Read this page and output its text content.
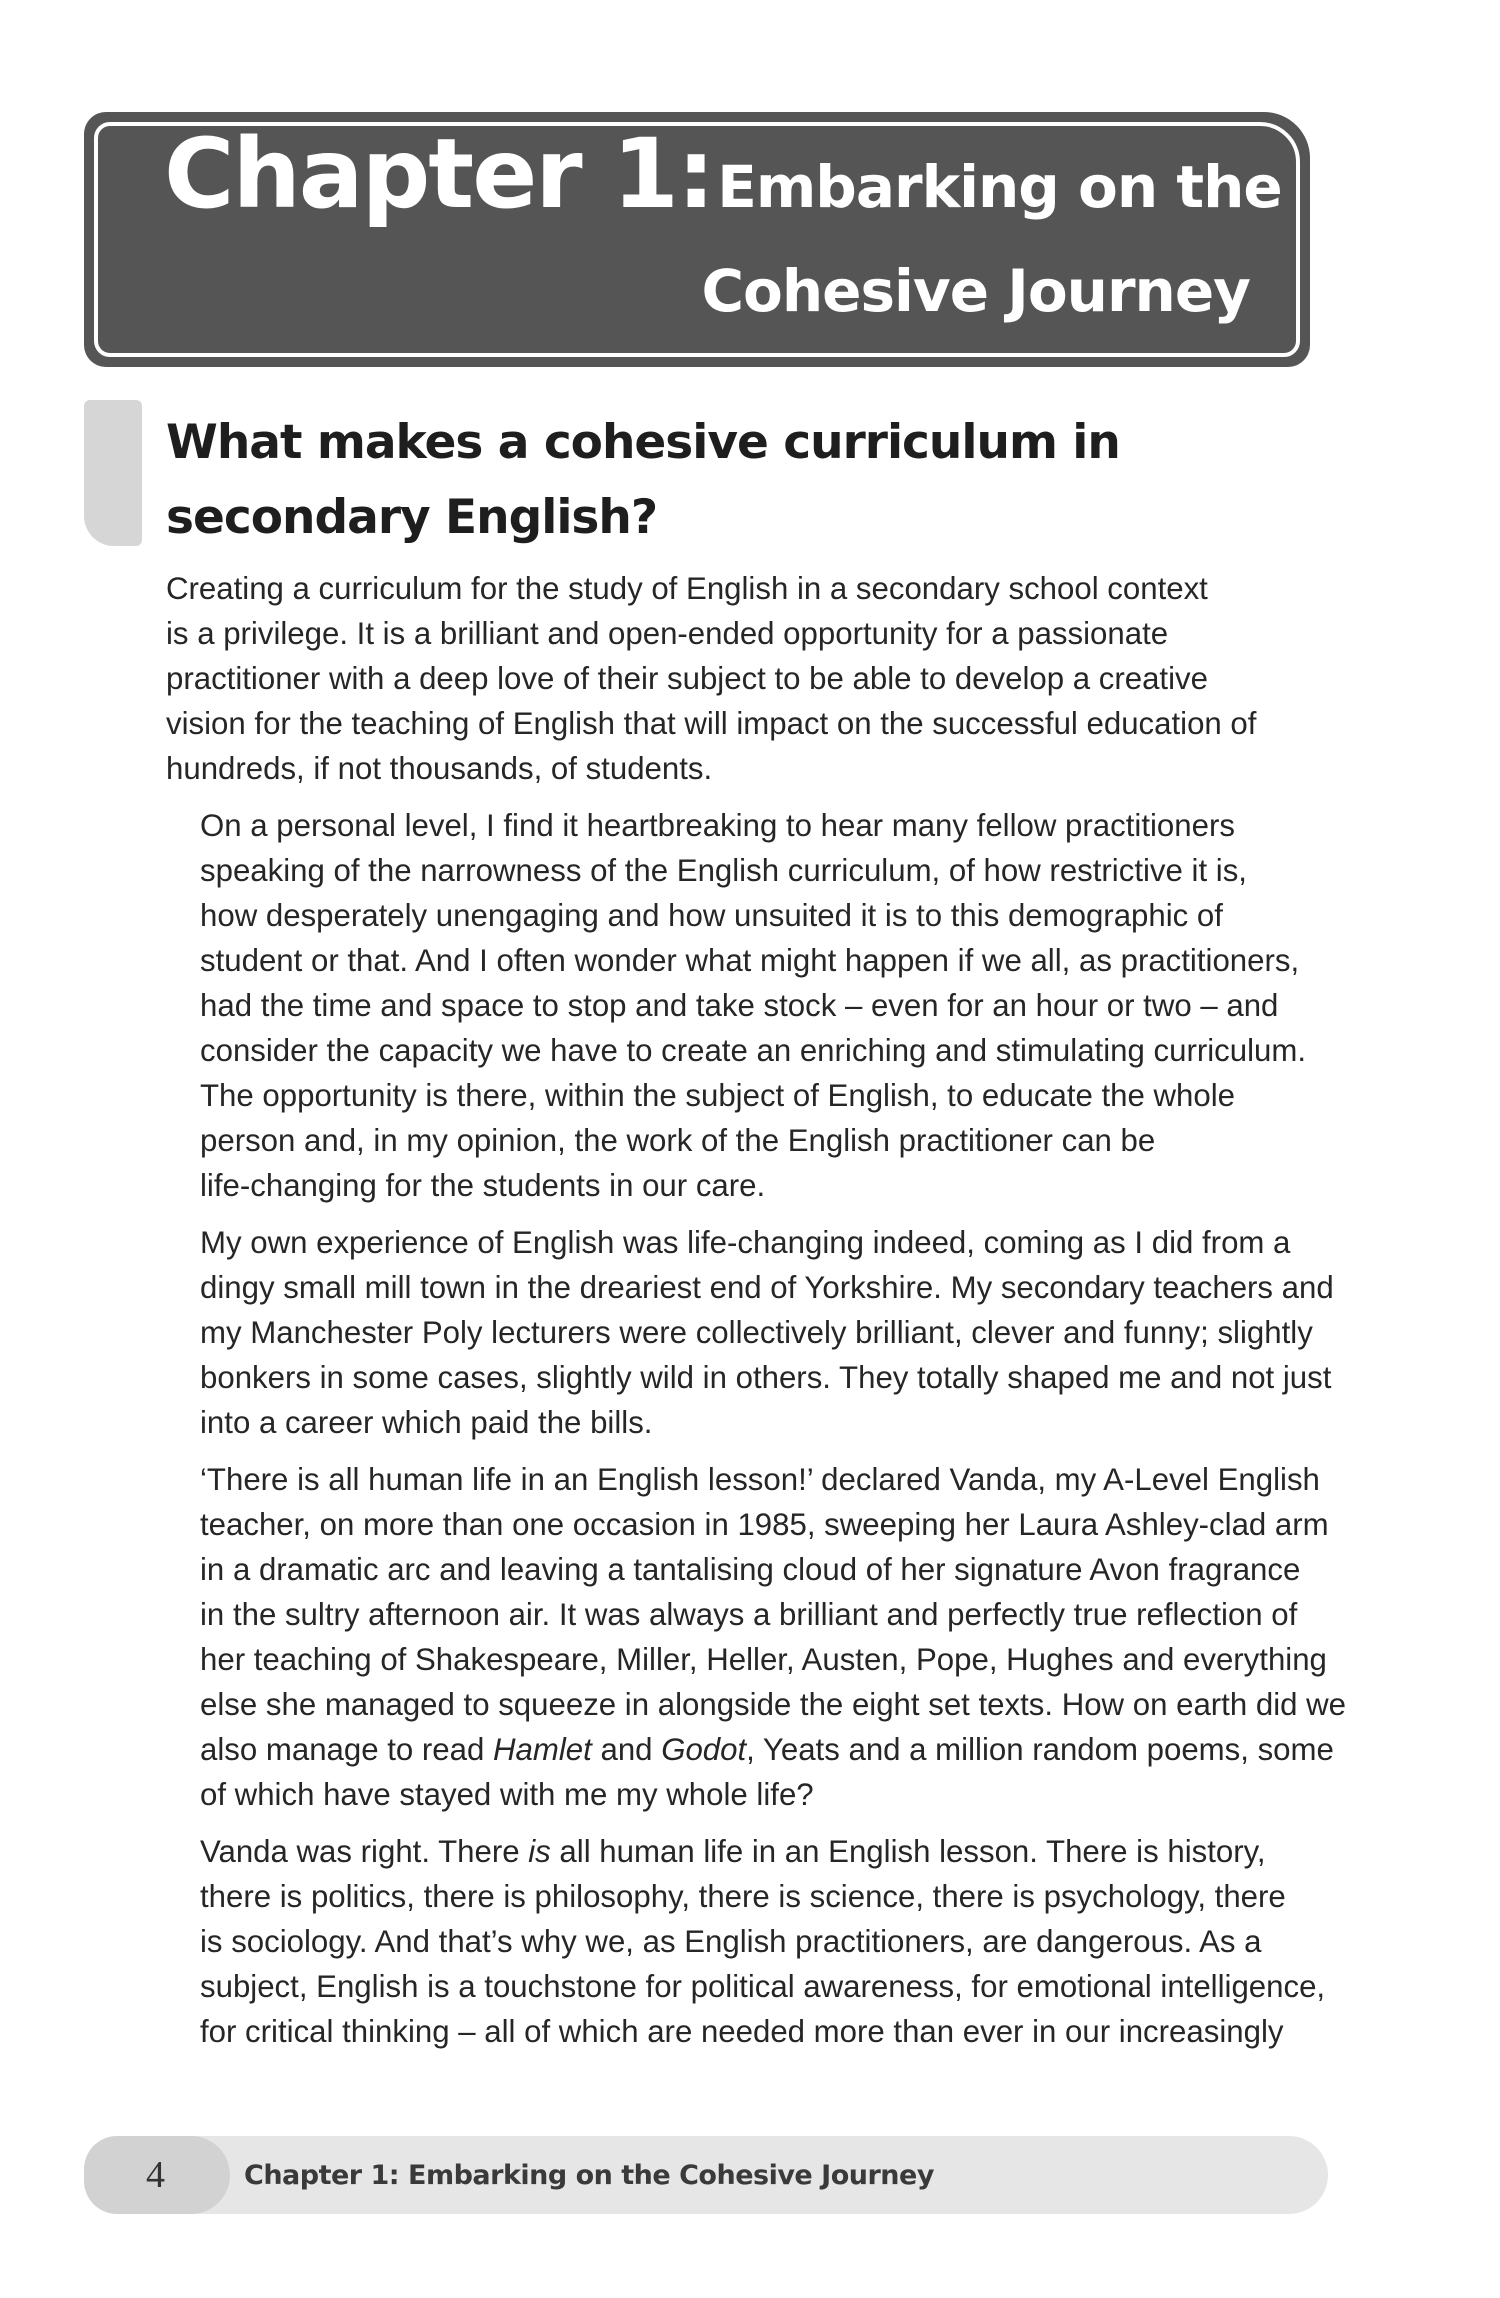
Chapter 1:Embarking on the
Cohesive Journey
What makes a cohesive curriculum in
secondary English?

Creating a curriculum for the study of English in a secondary school context
is a privilege. It is a brilliant and open-ended opportunity for a passionate
practitioner with a deep love of their subject to be able to develop a creative
vision for the teaching of English that will impact on the successful education of
hundreds, if not thousands, of students.

On a personal level, I find it heartbreaking to hear many fellow practitioners
speaking of the narrowness of the English curriculum, of how restrictive it is,
how desperately unengaging and how unsuited it is to this demographic of
student or that. And I often wonder what might happen if we all, as practitioners,
had the time and space to stop and take stock – even for an hour or two – and
consider the capacity we have to create an enriching and stimulating curriculum.
The opportunity is there, within the subject of English, to educate the whole
person and, in my opinion, the work of the English practitioner can be
life-changing for the students in our care.

My own experience of English was life-changing indeed, coming as I did from a
dingy small mill town in the dreariest end of Yorkshire. My secondary teachers and
my Manchester Poly lecturers were collectively brilliant, clever and funny; slightly
bonkers in some cases, slightly wild in others. They totally shaped me and not just
into a career which paid the bills.

‘There is all human life in an English lesson!’ declared Vanda, my A-Level English
teacher, on more than one occasion in 1985, sweeping her Laura Ashley-clad arm
in a dramatic arc and leaving a tantalising cloud of her signature Avon fragrance
in the sultry afternoon air. It was always a brilliant and perfectly true reflection of
her teaching of Shakespeare, Miller, Heller, Austen, Pope, Hughes and everything
else she managed to squeeze in alongside the eight set texts. How on earth did we
also manage to read Hamlet and Godot, Yeats and a million random poems, some
of which have stayed with me my whole life?

Vanda was right. There is all human life in an English lesson. There is history,
there is politics, there is philosophy, there is science, there is psychology, there
is sociology. And that’s why we, as English practitioners, are dangerous. As a
subject, English is a touchstone for political awareness, for emotional intelligence,
for critical thinking – all of which are needed more than ever in our increasingly

4	Chapter 1: Embarking on the Cohesive Journey
